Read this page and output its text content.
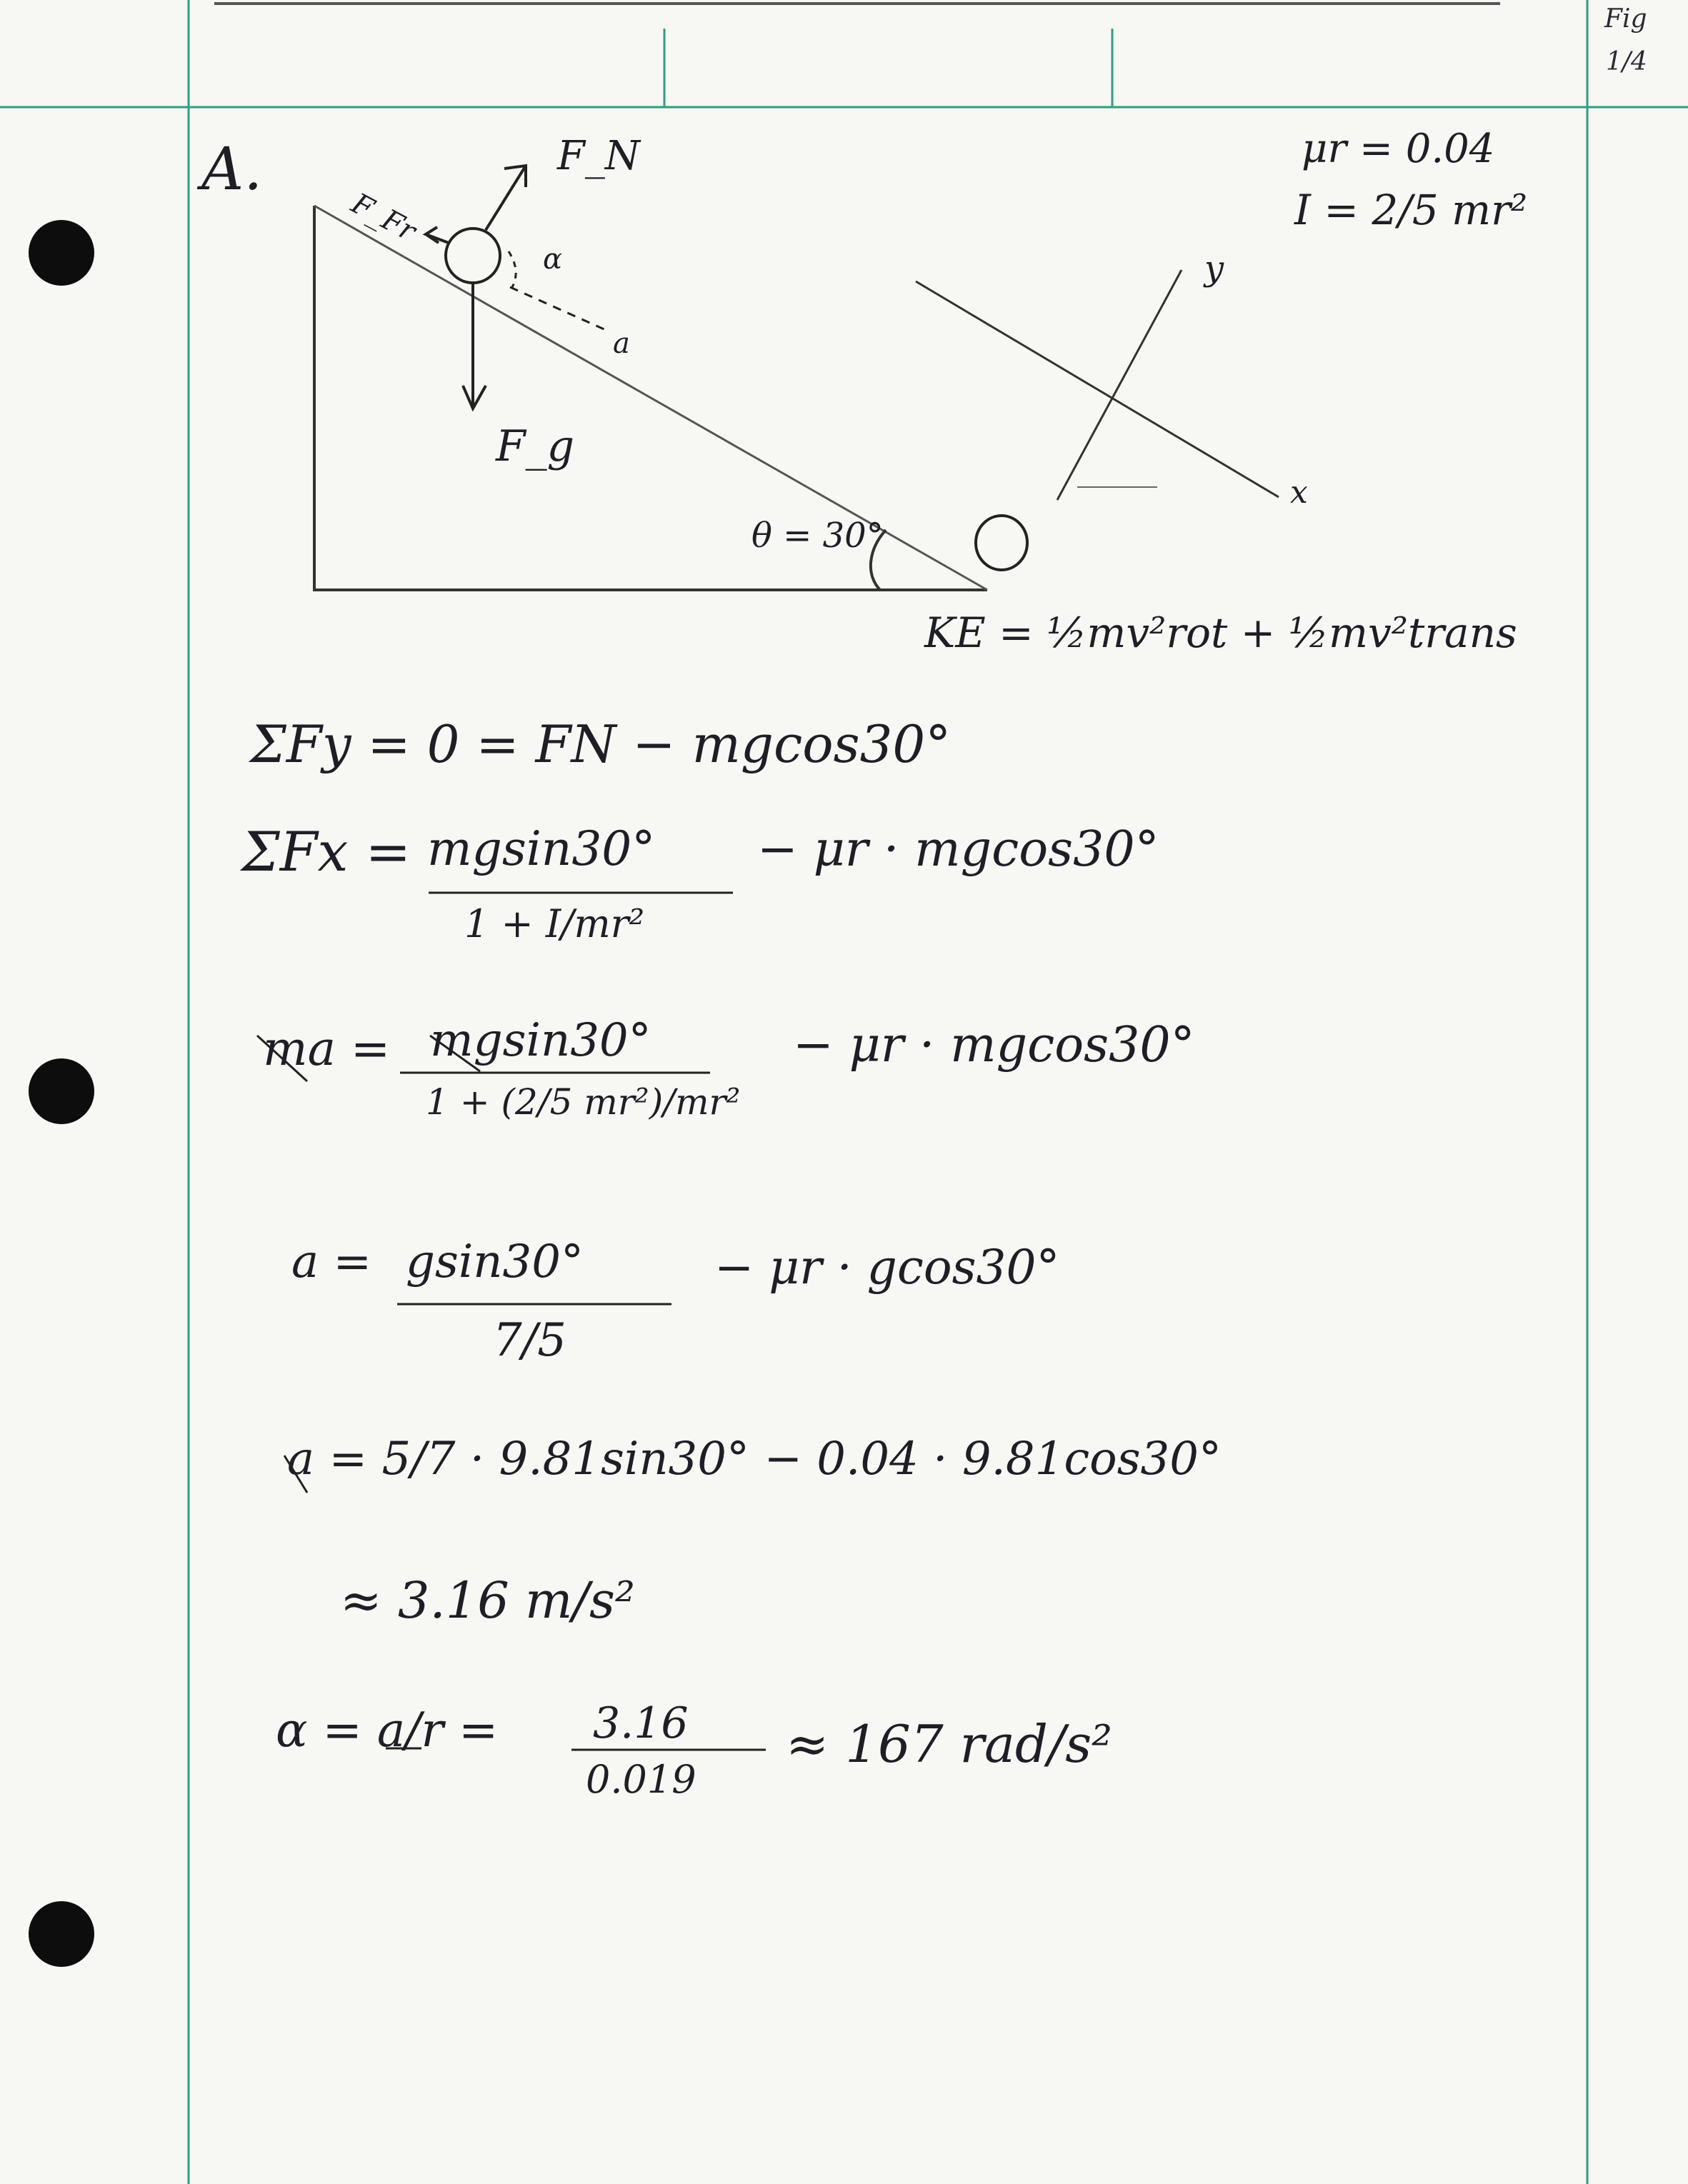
Fig
1/4
A.	F_N
F_Fr
F_g
α
a
θ = 30°
y
x
μr = 0.04
I = 2/5 mr²
KE = ½mv²rot + ½mv²trans
ΣFy = 0 = FN − mgcos30°
ΣFx = mgsin30°
1 + I/mr²
− μr · mgcos30°
ma = mgsin30°
1 + (2/5 mr²)/mr²
− μr · mgcos30°
a = gsin30°
7/5
− μr · gcos30°
a = 5/7 · 9.81sin30° − 0.04 · 9.81cos30°
≈ 3.16 m/s²
α = a/r = 3.16
0.019
≈ 167 rad/s²
